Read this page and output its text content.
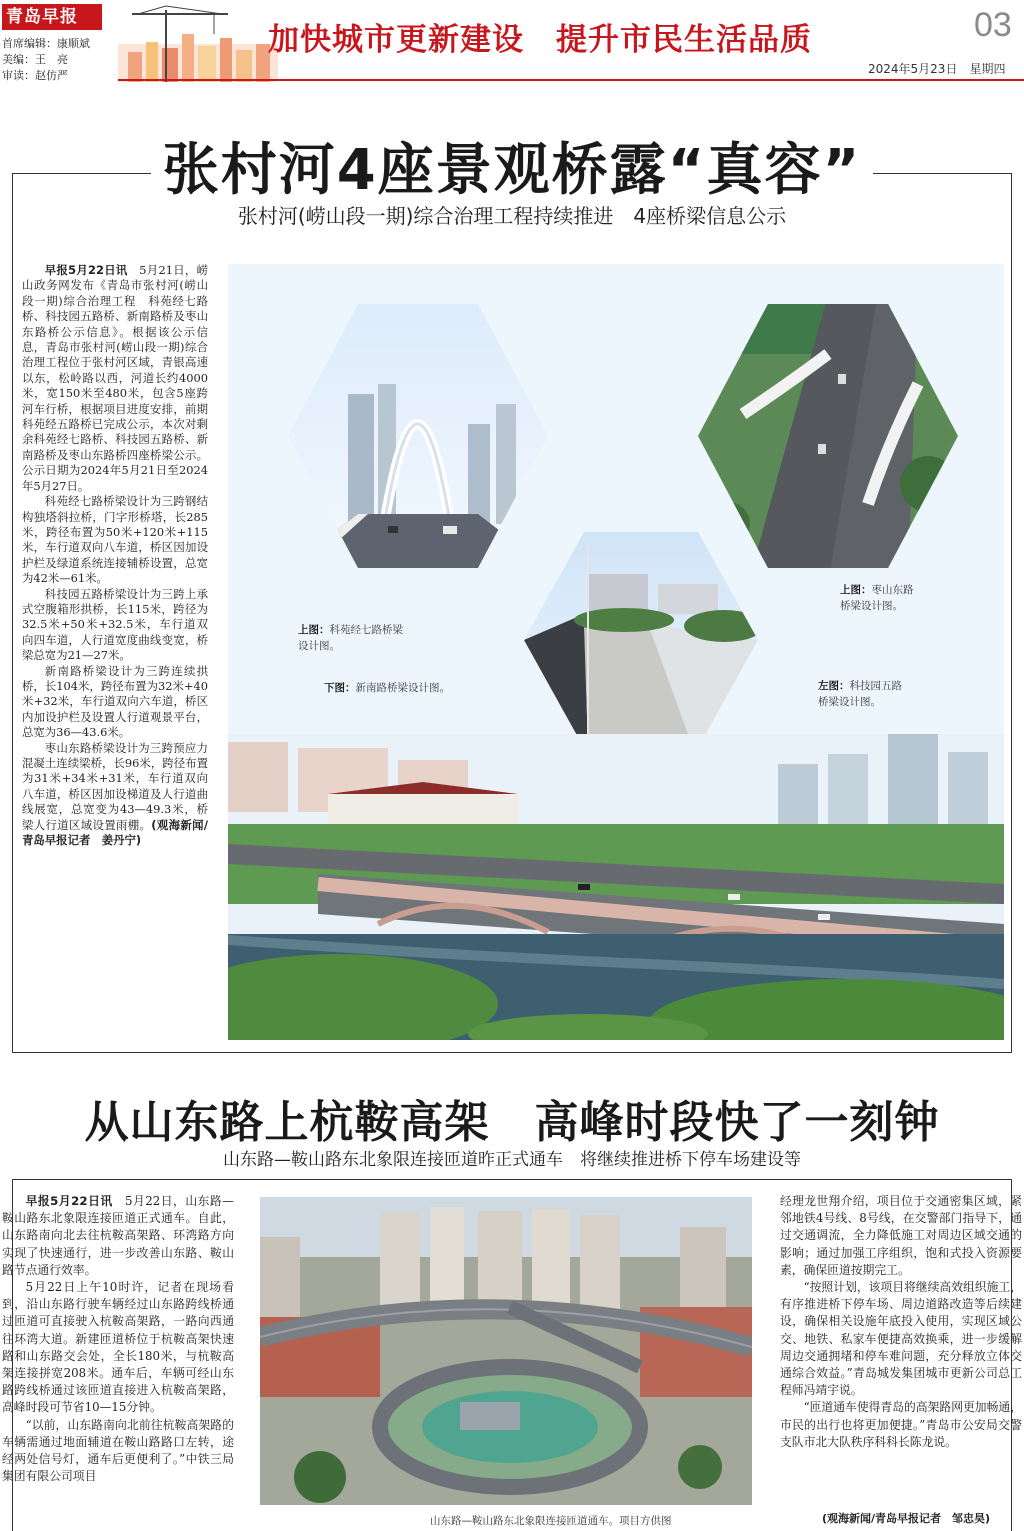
青岛早报
首席编辑：康顺斌
美编：王　亮
审读：赵仿严
加快城市更新建设　提升市民生活品质	03
2024年5月23日　星期四
张村河4座景观桥露“真容”
张村河(崂山段一期)综合治理工程持续推进　4座桥梁信息公示

早报5月22日讯　 5月21日，崂山政务网发布《青岛市张村河(崂山段一期)综合治理工程　科苑经七路桥、科技园五路桥、新南路桥及枣山东路桥公示信息》。根据该公示信息，青岛市张村河(崂山段一期)综合治理工程位于张村河区域，青银高速以东，松岭路以西，河道长约4000米，宽150米至480米，包含5座跨河车行桥，根据项目进度安排，前期科苑经五路桥已完成公示，本次对剩余科苑经七路桥、科技园五路桥、新南路桥及枣山东路桥四座桥梁公示。公示日期为2024年5月21日至2024年5月27日。

科苑经七路桥梁设计为三跨钢结构独塔斜拉桥，门字形桥塔，长285米，跨径布置为50米+120米+115米，车行道双向八车道，桥区因加设护栏及绿道系统连接辅桥设置，总宽为42米—61米。

科技园五路桥梁设计为三跨上承式空腹箱形拱桥，长115米，跨径为32.5米+50米+32.5米，车行道双向四车道，人行道宽度曲线变宽，桥梁总宽为21—27米。

新南路桥梁设计为三跨连续拱桥，长104米，跨径布置为32米+40米+32米，车行道双向六车道，桥区内加设护栏及设置人行道观景平台，总宽为36—43.6米。

枣山东路桥梁设计为三跨预应力混凝土连续梁桥，长96米，跨径布置为31米+34米+31米，车行道双向八车道，桥区因加设梯道及人行道曲线展宽，总宽变为43—49.3米，桥梁人行道区域设置雨棚。(观海新闻/青岛早报记者　姜丹宁)

上图：科苑经七路桥梁
设计图。
下图：新南路桥梁设计图。
上图：枣山东路
桥梁设计图。
左图：科技园五路
桥梁设计图。
从山东路上杭鞍高架　高峰时段快了一刻钟
山东路—鞍山路东北象限连接匝道昨正式通车　将继续推进桥下停车场建设等

早报5月22日讯　 5月22日，山东路—鞍山路东北象限连接匝道正式通车。自此，山东路南向北去往杭鞍高架路、环湾路方向实现了快速通行，进一步改善山东路、鞍山路节点通行效率。

5月22日上午10时许，记者在现场看到，沿山东路行驶车辆经过山东路跨线桥通过匝道可直接驶入杭鞍高架路，一路向西通往环湾大道。新建匝道桥位于杭鞍高架快速路和山东路交会处，全长180米，与杭鞍高架连接拼宽208米。通车后，车辆可经山东路跨线桥通过该匝道直接进入杭鞍高架路，高峰时段可节省10—15分钟。

“以前，山东路南向北前往杭鞍高架路的车辆需通过地面辅道在鞍山路路口左转，途经两处信号灯，通车后更便利了。”中铁三局集团有限公司项目

山东路—鞍山路东北象限连接匝道通车。项目方供图

经理龙世翔介绍，项目位于交通密集区域，紧邻地铁4号线、8号线，在交警部门指导下，通过交通调流，全力降低施工对周边区域交通的影响；通过加强工序组织，饱和式投入资源要素，确保匝道按期完工。

“按照计划，该项目将继续高效组织施工，有序推进桥下停车场、周边道路改造等后续建设，确保相关设施年底投入使用，实现区域公交、地铁、私家车便捷高效换乘，进一步缓解周边交通拥堵和停车难问题，充分释放立体交通综合效益。”青岛城发集团城市更新公司总工程师冯靖宇说。

“匝道通车使得青岛的高架路网更加畅通，市民的出行也将更加便捷。”青岛市公安局交警支队市北大队秩序科科长陈龙说。

(观海新闻/青岛早报记者　邹忠昊)
